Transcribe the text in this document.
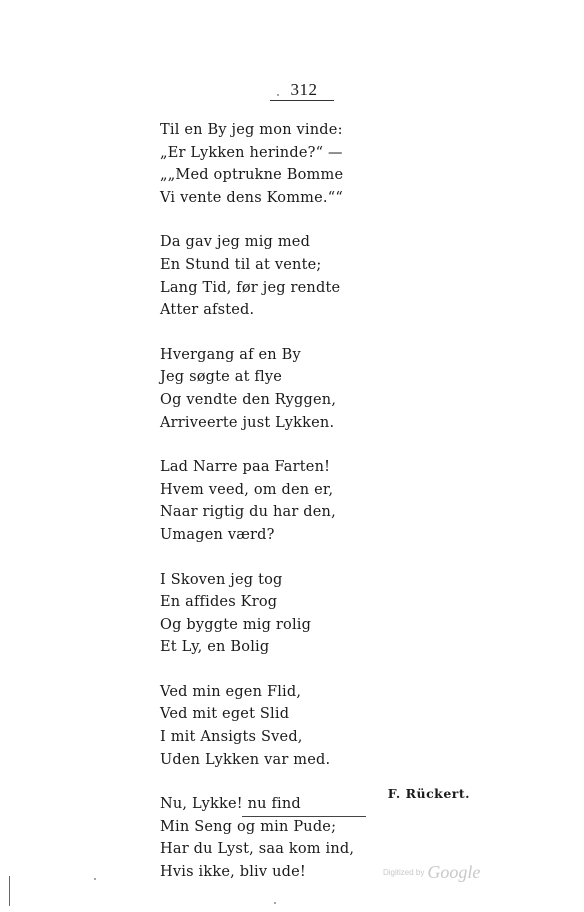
312
Til en By jeg mon vinde:
„Er Lykken herinde?“ —
„„Med optrukne Bomme
Vi vente dens Komme.““
Da gav jeg mig med
En Stund til at vente;
Lang Tid, før jeg rendte
Atter afsted.
Hvergang af en By
Jeg søgte at flye
Og vendte den Ryggen,
Arriveerte just Lykken.
Lad Narre paa Farten!
Hvem veed, om den er,
Naar rigtig du har den,
Umagen værd?
I Skoven jeg tog
En affides Krog
Og byggte mig rolig
Et Ly, en Bolig
Ved min egen Flid,
Ved mit eget Slid
I mit Ansigts Sved,
Uden Lykken var med.
Nu, Lykke! nu find
Min Seng og min Pude;
Har du Lyst, saa kom ind,
Hvis ikke, bliv ude!
F. Rückert.
Digitized by Google
